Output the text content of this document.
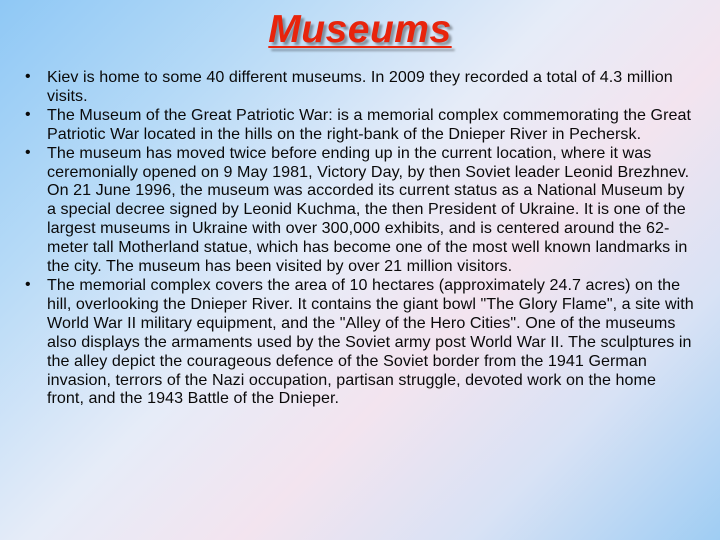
Museums
• Kiev is home to some 40 different museums. In 2009 they recorded a total of 4.3 million visits.
• The Museum of the Great Patriotic War: is a memorial complex commemorating the Great Patriotic War located in the hills on the right-bank of the Dnieper River in Pechersk.
• The museum has moved twice before ending up in the current location, where it was ceremonially opened on 9 May 1981, Victory Day, by then Soviet leader Leonid Brezhnev. On 21 June 1996, the museum was accorded its current status as a National Museum by a special decree signed by Leonid Kuchma, the then President of Ukraine. It is one of the largest museums in Ukraine with over 300,000 exhibits, and is centered around the 62-meter tall Motherland statue, which has become one of the most well known landmarks in the city. The museum has been visited by over 21 million visitors.
• The memorial complex covers the area of 10 hectares (approximately 24.7 acres) on the hill, overlooking the Dnieper River. It contains the giant bowl "The Glory Flame", a site with World War II military equipment, and the "Alley of the Hero Cities". One of the museums also displays the armaments used by the Soviet army post World War II. The sculptures in the alley depict the courageous defence of the Soviet border from the 1941 German invasion, terrors of the Nazi occupation, partisan struggle, devoted work on the home front, and the 1943 Battle of the Dnieper.
